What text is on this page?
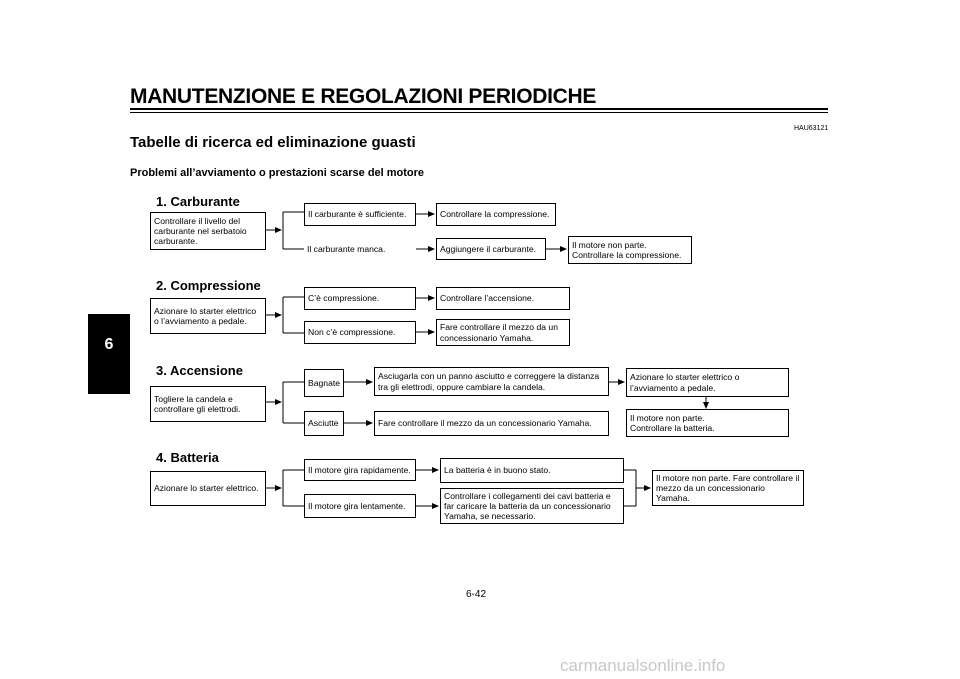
MANUTENZIONE E REGOLAZIONI PERIODICHE
HAU63121
Tabelle di ricerca ed eliminazione guasti
Problemi all’avviamento o prestazioni scarse del motore
6
1. Carburante
Controllare il livello del carburante nel serbatoio carburante.
Il carburante è sufficiente.	Controllare la compressione.
Il carburante manca.	Aggiungere il carburante.	Il motore non parte.
Controllare la compressione.
2. Compressione
Azionare lo starter elettrico o l’avviamento a pedale.
C’è compressione.	Controllare l’accensione.
Non c’è compressione.
Fare controllare il mezzo da un concessionario Yamaha.
3. Accensione
Togliere la candela e controllare gli elettrodi.
Bagnate
Asciugarla con un panno asciutto e correggere la distanza tra gli elettrodi, oppure cambiare la candela.
Azionare lo starter elettrico o l’avviamento a pedale.
Asciutte	Fare controllare il mezzo da un concessionario Yamaha.
Il motore non parte.
Controllare la batteria.
4. Batteria
Azionare lo starter elettrico.
Il motore gira rapidamente.	La batteria è in buono stato.
Il motore gira lentamente.
Controllare i collegamenti dei cavi batteria e far caricare la batteria da un concessionario Yamaha, se necessario.
Il motore non parte. Fare controllare il mezzo da un concessionario Yamaha.
6-42
carmanualsonline.info
